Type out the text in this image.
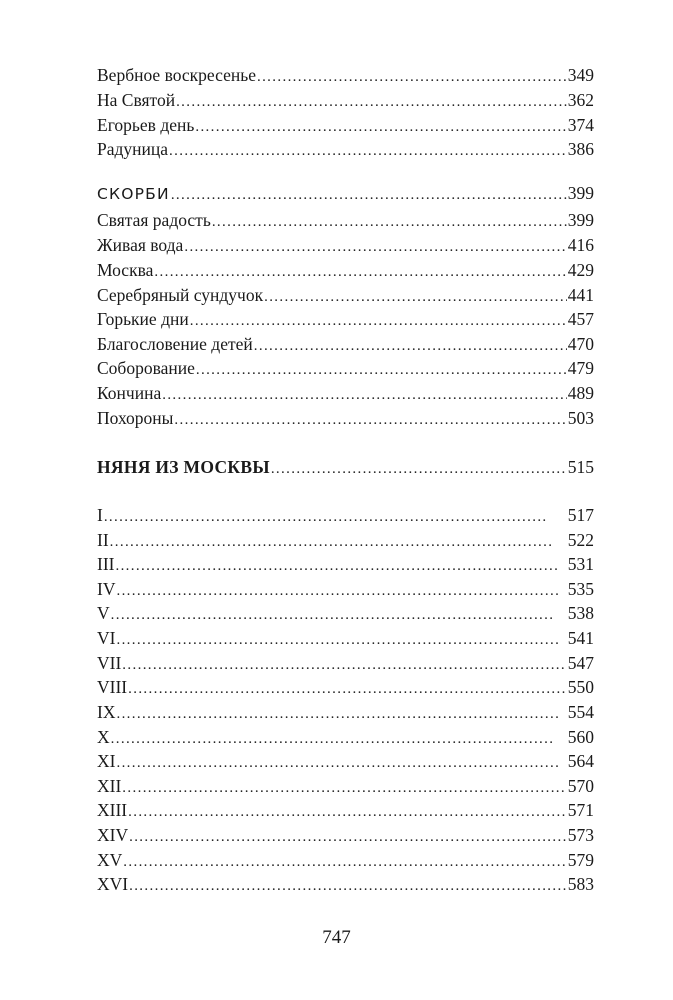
Вербное воскресенье . . .	349
На Святой . . .	362
Егорьев день . . .	374
Радуница . . .	386
СКОРБИ . . .	399
Святая радость . . .	399
Живая вода . . .	416
Москва . . .	429
Серебряный сундучок . . .	441
Горькие дни . . .	457
Благословение детей . . .	470
Соборование . . .	479
Кончина . . .	489
Похороны . . .	503
НЯНЯ ИЗ МОСКВЫ . . .	515
I . . .	517
II . . .	522
III . . .	531
IV . . .	535
V . . .	538
VI . . .	541
VII . . .	547
VIII . . .	550
IX . . .	554
X . . .	560
XI . . .	564
XII . . .	570
XIII . . .	571
XIV . . .	573
XV . . .	579
XVI . . .	583
747
